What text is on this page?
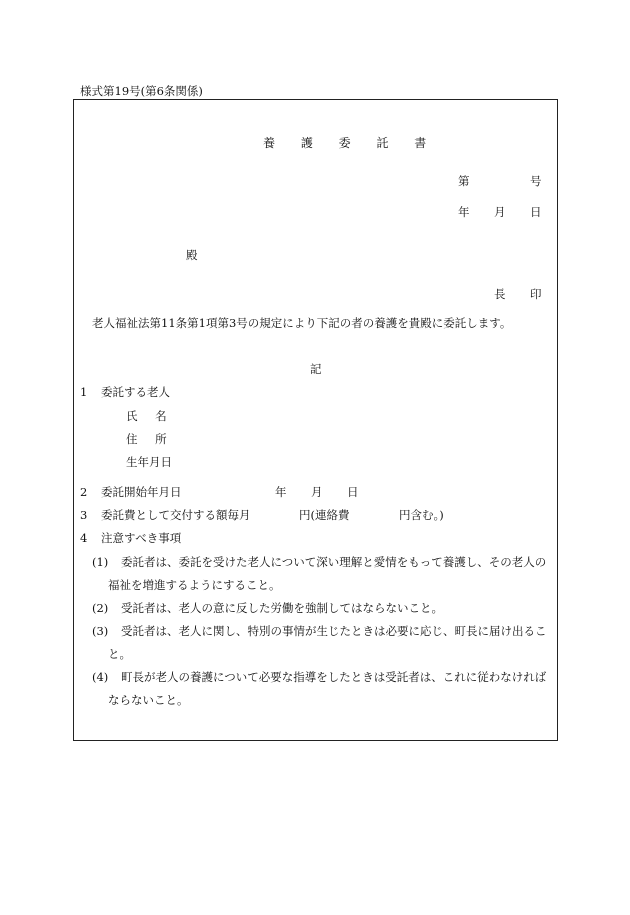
様式第19号(第6条関係)
養 護 委 託 書
第	号
年 月 日
殿
長 印
老人福祉法第11条第1項第3号の規定により下記の者の養護を貴殿に委託します。
記
1 委託する老人
氏 名
住 所
生年月日
2 委託開始年月日	年 月 日
3 委託費として交付する額毎月	円(連絡費	円含む。)
4 注意すべき事項
(1) 委託者は、委託を受けた老人について深い理解と愛情をもって養護し、その老人の
福祉を増進するようにすること。
(2) 受託者は、老人の意に反した労働を強制してはならないこと。
(3) 受託者は、老人に関し、特別の事情が生じたときは必要に応じ、町長に届け出るこ
と。
(4) 町長が老人の養護について必要な指導をしたときは受託者は、これに従わなければ
ならないこと。
